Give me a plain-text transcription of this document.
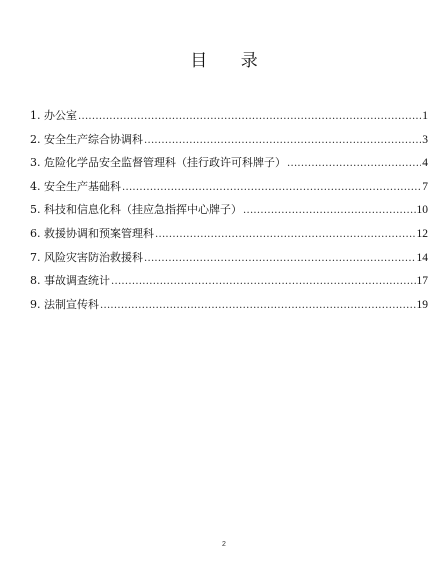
目 录
1. 办公室 .....	1
2. 安全生产综合协调科 .....	3
3. 危险化学品安全监督管理科（挂行政许可科牌子） .....	4
4. 安全生产基础科 .....	7
5. 科技和信息化科（挂应急指挥中心牌子） .....	10
6. 救援协调和预案管理科 .....	12
7. 风险灾害防治救援科 .....	14
8. 事故调查统计 .....	17
9. 法制宣传科 .....	19
2
